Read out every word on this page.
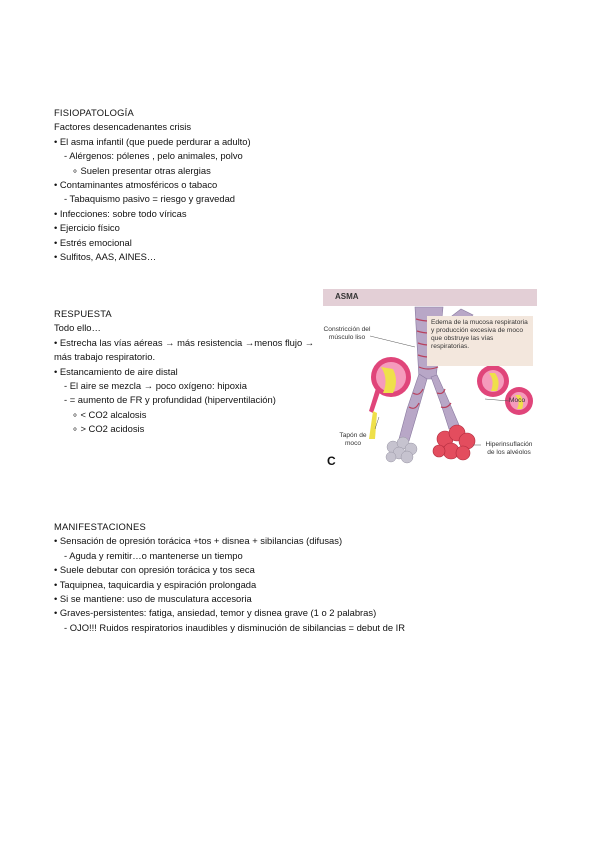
FISIOPATOLOGÍA
Factores desencadenantes crisis
• El asma infantil (que puede perdurar a adulto)
- Alérgenos: pólenes , pelo animales, polvo
∘ Suelen presentar otras alergias
• Contaminantes atmosféricos o tabaco
- Tabaquismo pasivo = riesgo y gravedad
• Infecciones: sobre todo víricas
• Ejercicio físico
• Estrés emocional
• Sulfitos, AAS, AINES…
RESPUESTA
Todo ello…
• Estrecha las vías aéreas → más resistencia →menos flujo →
más trabajo respiratorio.
• Estancamiento de aire distal
- El aire se mezcla → poco oxígeno: hipoxia
- = aumento de FR y profundidad (hiperventilación)
∘ < CO2 alcalosis
∘ > CO2 acidosis
ASMA
Constricción del músculo liso
Edema de la mucosa respiratoria y producción excesiva de moco que obstruye las vías respiratorias.
Moco
Tapón de moco	Hiperinsuflación de los alvéolos
C
MANIFESTACIONES
• Sensación de opresión torácica +tos + disnea + sibilancias (difusas)
- Aguda y remitir…o mantenerse un tiempo
• Suele debutar con opresión torácica y tos seca
• Taquipnea, taquicardia y espiración prolongada
• Si se mantiene: uso de musculatura accesoria
• Graves-persistentes: fatiga, ansiedad, temor y disnea grave (1 o 2 palabras)
- OJO!!! Ruidos respiratorios inaudibles y disminución de sibilancias = debut de IR
